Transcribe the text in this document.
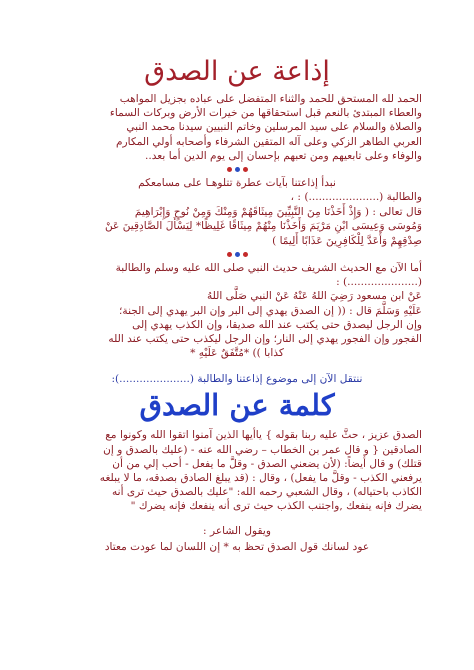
إذاعة عن الصدق

الحمد لله المستحق للحمد والثناء المتفضل على عباده بجزيل المواهب

والعطاء المبتدئ بالنعم قبل استحقاقها من خيرات الأرض وبركات السماء

والصلاة والسلام على سيد المرسلين وخاتم النبيين سيدنا محمد النبي

العربي الطاهر الزكي وعلى آله المتقين الشرفاء وأصحابه أولي المكارم

والوفاء وعلى تابعيهم ومن تعبهم بإحسان إلى يوم الدين أما بعد..

نبدأ إذاعتنا بآيات عطرة تتلوهـا على مسامعكم

والطالبة (.....................) : ،

قال تعالى : ( وَإِذْ أَخَذْنَا مِنَ النَّبِيِّينَ مِيثَاقَهُمْ وَمِنْكَ وَمِنْ نُوحٍ وَإِبْرَاهِيمَ

وَمُوسَى وَعِيسَى ابْنِ مَرْيَمَ وَأَخَذْنَا مِنْهُمْ مِيثَاقًا غَلِيظًا* لِيَسْأَلَ الصَّادِقِينَ عَنْ

صِدْقِهِمْ وَأَعَدَّ لِلْكَافِرِينَ عَذَابًا أَلِيمًا )

أما الآن مع الحديث الشريف حديث النبي صلى الله عليه وسلم والطالبة

(.....................) :

عَنْ ابن مسعود رَضِيَ اللهُ عَنْهُ عَنْ النبي صَلَّى اللهُ

عَلَيْهِ وَسَلَّمَ قال : (( إن الصدق يهدي إلى البر وإن البر يهدي إلى الجنة؛

وإن الرجل ليصدق حتى يكتب عند الله صديقا، وإن الكذب يهدي إلى

الفجور وإن الفجور يهدي إلى النار؛ وإن الرجل ليكذب حتى يكتب عند الله

كذابا )) *مُتَّفَقٌ عَلَيْهِ *

ننتقل الآن إلى موضوع إذاعتنا والطالبة (.....................):

كلمة عن الصدق

الصدق عزيز ، حثَّ عليه ربنا بقوله } ياأيها الذين آمنوا اتقوا الله وكونوا مع

الصادقين { و قال عمر بن الخطاب – رضي الله عنه - (عليك بالصدق و إن

قتلك) و قال أيضاً: (لأن يضعني الصدق - وقلَّ ما يفعل - أحب إلي من أن

يرفعني الكذب - وقلَّ ما يفعل) ، وقال : (قد يبلغ الصادق بصدقه، ما لا يبلغه

الكاذب باحتياله) ، وقال الشعبي رحمه الله: "عليك بالصدق حيث ترى أنه

يضرك فإنه ينفعك ,واجتنب الكذب حيث ترى أنه ينفعك فإنه يضرك "

ويقول الشاعر :

عود لسانك قول الصدق تحظ به * إن اللسان لما عودت معتاد
